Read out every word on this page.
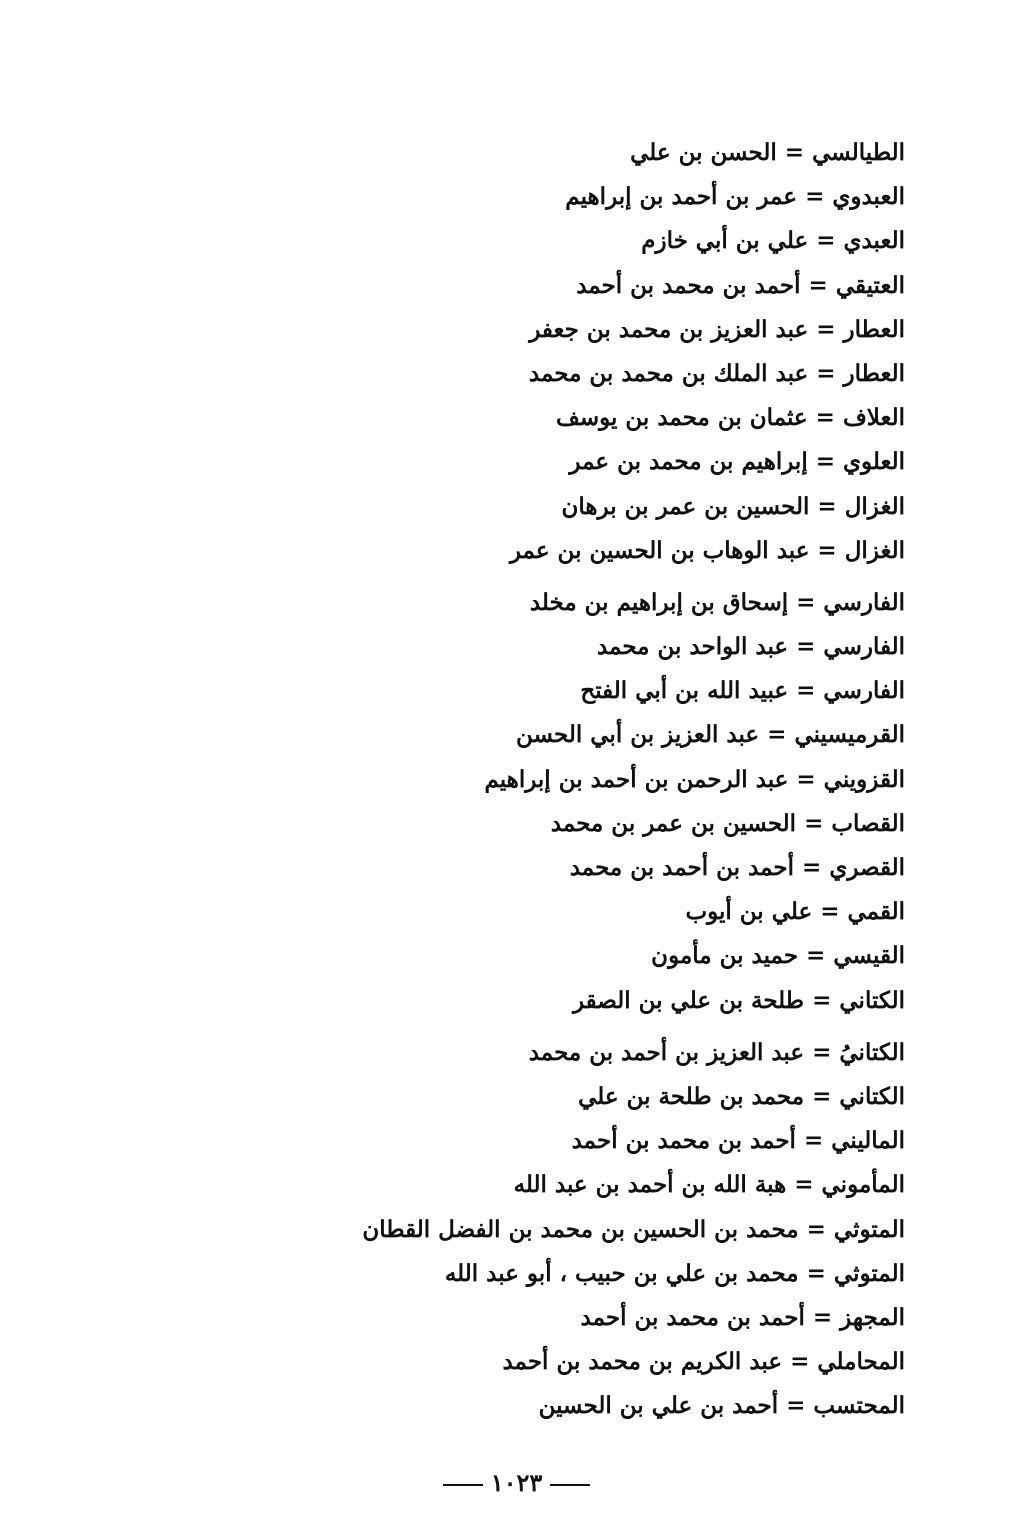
الطيالسي = الحسن بن علي
العبدوي = عمر بن أحمد بن إبراهيم
العبدي = علي بن أبي خازم
العتيقي = أحمد بن محمد بن أحمد
العطار = عبد العزيز بن محمد بن جعفر
العطار = عبد الملك بن محمد بن محمد
العلاف = عثمان بن محمد بن يوسف
العلوي = إبراهيم بن محمد بن عمر
الغزال = الحسين بن عمر بن برهان
الغزال = عبد الوهاب بن الحسين بن عمر
الفارسي = إسحاق بن إبراهيم بن مخلد
الفارسي = عبد الواحد بن محمد
الفارسي = عبيد الله بن أبي الفتح
القرميسيني = عبد العزيز بن أبي الحسن
القزويني = عبد الرحمن بن أحمد بن إبراهيم
القصاب = الحسين بن عمر بن محمد
القصري = أحمد بن أحمد بن محمد
القمي = علي بن أيوب
القيسي = حميد بن مأمون
الكتاني = طلحة بن علي بن الصقر
الكتانيُ = عبد العزيز بن أحمد بن محمد
الكتاني = محمد بن طلحة بن علي
الماليني = أحمد بن محمد بن أحمد
المأموني = هبة الله بن أحمد بن عبد الله
المتوثي = محمد بن الحسين بن محمد بن الفضل القطان
المتوثي = محمد بن علي بن حبيب ، أبو عبد الله
المجهز = أحمد بن محمد بن أحمد
المحاملي = عبد الكريم بن محمد بن أحمد
المحتسب = أحمد بن علي بن الحسين
١٠٢٣
